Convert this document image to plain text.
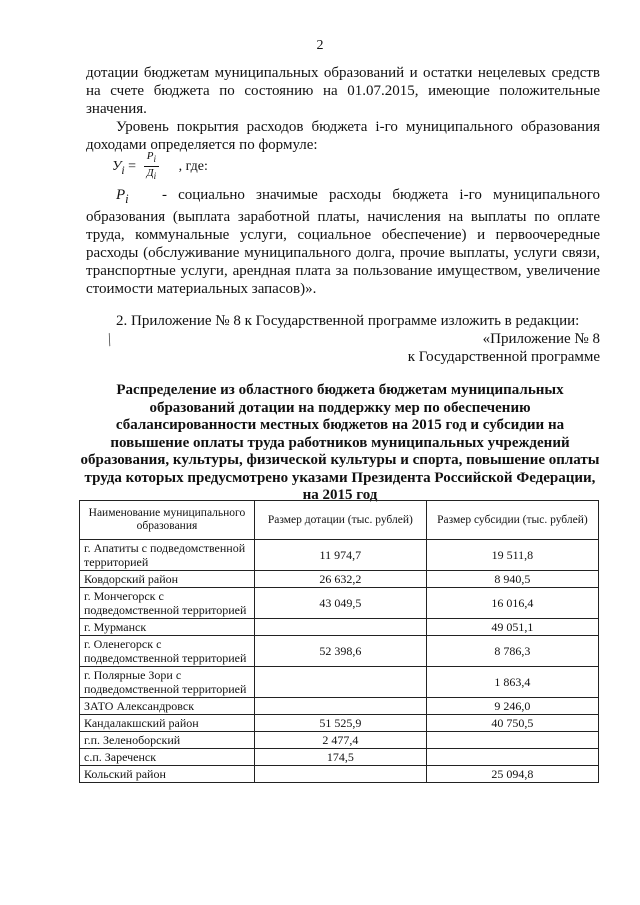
2
дотации бюджетам муниципальных образований и остатки нецелевых средств на счете бюджета по состоянию на 01.07.2015, имеющие положительные значения.
Уровень покрытия расходов бюджета i-го муниципального образования доходами определяется по формуле:
$У_i = \frac{Р_i}{Д_i}$ , где:
$Р_i$ - социально значимые расходы бюджета i-го муниципального образования (выплата заработной платы, начисления на выплаты по оплате труда, коммунальные услуги, социальное обеспечение) и первоочередные расходы (обслуживание муниципального долга, прочие выплаты, услуги связи, транспортные услуги, арендная плата за пользование имуществом, увеличение стоимости материальных запасов)».
╱
2. Приложение № 8 к Государственной программе изложить в редакции:
«Приложение № 8
к Государственной программе
Распределение из областного бюджета бюджетам муниципальных образований дотации на поддержку мер по обеспечению сбалансированности местных бюджетов на 2015 год и субсидии на повышение оплаты труда работников муниципальных учреждений образования, культуры, физической культуры и спорта, повышение оплаты труда которых предусмотрено указами Президента Российской Федерации, на 2015 год
Наименование муниципального образования	Размер дотации (тыс. рублей)	Размер субсидии (тыс. рублей)
г. Апатиты с подведомственной территорией	11 974,7	19 511,8
Ковдорский район	26 632,2	8 940,5
г. Мончегорск с подведомственной территорией	43 049,5	16 016,4
г. Мурманск		49 051,1
г. Оленегорск с подведомственной территорией	52 398,6	8 786,3
г. Полярные Зори с подведомственной территорией		1 863,4
ЗАТО Александровск		9 246,0
Кандалакшский район	51 525,9	40 750,5
г.п. Зеленоборский	2 477,4	
с.п. Зареченск	174,5	
Кольский район		25 094,8
